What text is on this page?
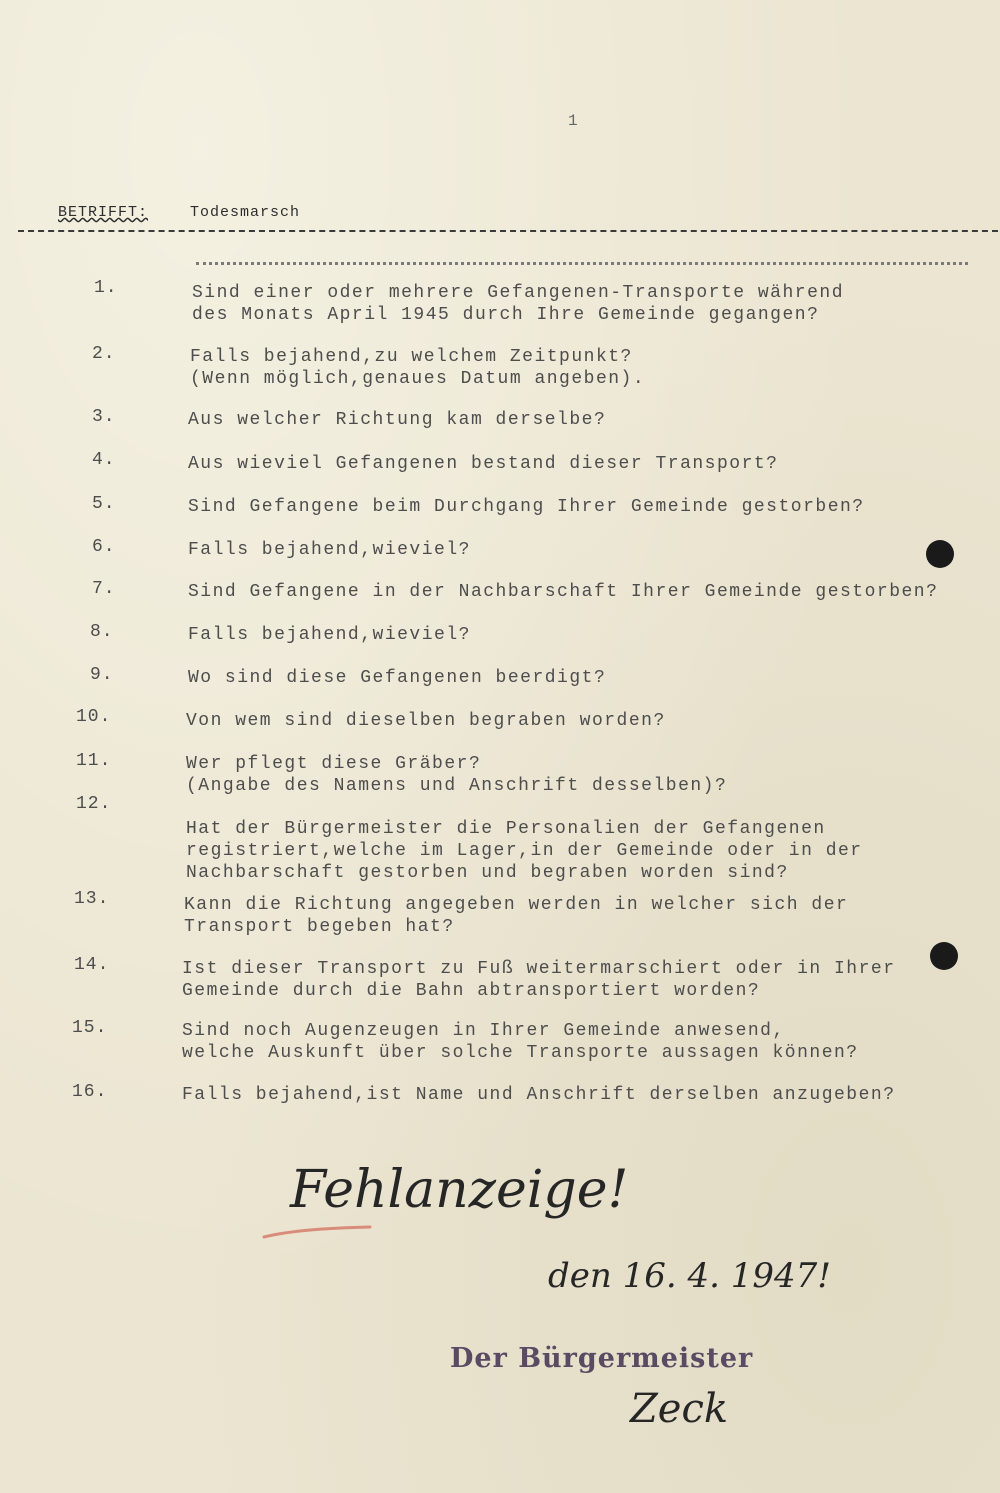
1
BETRIFFT:	Todesmarsch
1.	Sind einer oder mehrere Gefangenen-Transporte während
des Monats April 1945 durch Ihre Gemeinde gegangen?
2.	Falls bejahend,zu welchem Zeitpunkt?
(Wenn möglich,genaues Datum angeben).
3.	Aus welcher Richtung kam derselbe?
4.	Aus wieviel Gefangenen bestand dieser Transport?
5.	Sind Gefangene beim Durchgang Ihrer Gemeinde gestorben?
6.	Falls bejahend,wieviel?
7.	Sind Gefangene in der Nachbarschaft Ihrer Gemeinde gestorben?
8.	Falls bejahend,wieviel?
9.	Wo sind diese Gefangenen beerdigt?
10.	Von wem sind dieselben begraben worden?
11.	Wer pflegt diese Gräber?
(Angabe des Namens und Anschrift desselben)?
12.
Hat der Bürgermeister die Personalien der Gefangenen
registriert,welche im Lager,in der Gemeinde oder in der
Nachbarschaft gestorben und begraben worden sind?
13.	Kann die Richtung angegeben werden in welcher sich der
Transport begeben hat?
14.	Ist dieser Transport zu Fuß weitermarschiert oder in Ihrer
Gemeinde durch die Bahn abtransportiert worden?
15.	Sind noch Augenzeugen in Ihrer Gemeinde anwesend,
welche Auskunft über solche Transporte aussagen können?
16.	Falls bejahend,ist Name und Anschrift derselben anzugeben?
Fehlanzeige!
den 16. 4. 1947!
Der Bürgermeister
Zeck
